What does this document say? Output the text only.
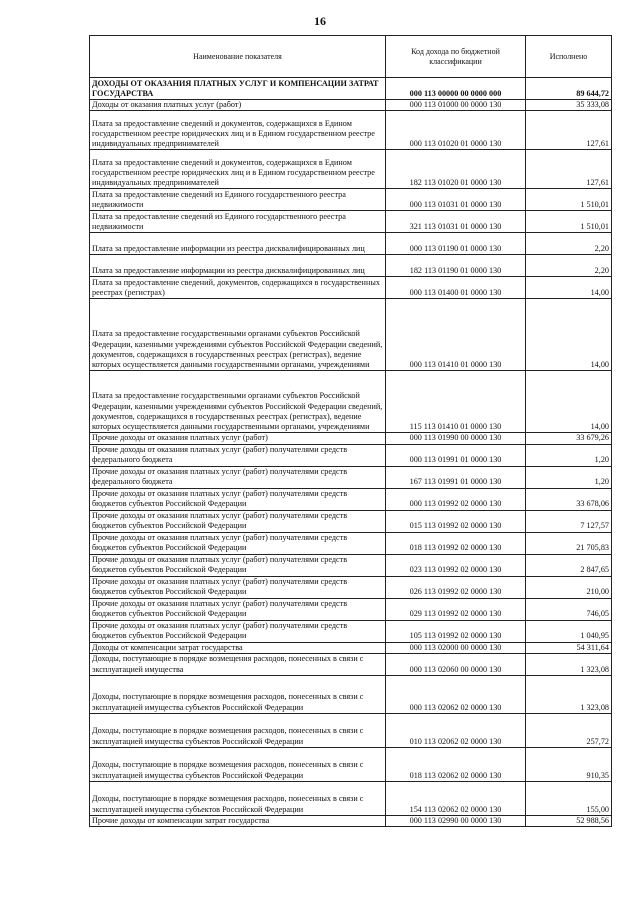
16
Наименование показателя	Код дохода по бюджетной классификации	Исполнено
ДОХОДЫ ОТ ОКАЗАНИЯ ПЛАТНЫХ УСЛУГ И КОМПЕНСАЦИИ ЗАТРАТ ГОСУДАРСТВА	000 113 00000 00 0000 000	89 644,72
Доходы от оказания платных услуг (работ)	000 113 01000 00 0000 130	35 333,08
Плата за предоставление сведений и документов, содержащихся в Едином государственном реестре юридических лиц и в Едином государственном реестре индивидуальных предпринимателей	000 113 01020 01 0000 130	127,61
Плата за предоставление сведений и документов, содержащихся в Едином государственном реестре юридических лиц и в Едином государственном реестре индивидуальных предпринимателей	182 113 01020 01 0000 130	127,61
Плата за предоставление сведений из Единого государственного реестра недвижимости	000 113 01031 01 0000 130	1 510,01
Плата за предоставление сведений из Единого государственного реестра недвижимости	321 113 01031 01 0000 130	1 510,01
Плата за предоставление информации из реестра дисквалифицированных лиц	000 113 01190 01 0000 130	2,20
Плата за предоставление информации из реестра дисквалифицированных лиц	182 113 01190 01 0000 130	2,20
Плата за предоставление сведений, документов, содержащихся в государственных реестрах (регистрах)	000 113 01400 01 0000 130	14,00
Плата за предоставление государственными органами субъектов Российской Федерации, казенными учреждениями субъектов Российской Федерации сведений, документов, содержащихся в государственных реестрах (регистрах), ведение которых осуществляется данными государственными органами, учреждениями	000 113 01410 01 0000 130	14,00
Плата за предоставление государственными органами субъектов Российской Федерации, казенными учреждениями субъектов Российской Федерации сведений, документов, содержащихся в государственных реестрах (регистрах), ведение которых осуществляется данными государственными органами, учреждениями	115 113 01410 01 0000 130	14,00
Прочие доходы от оказания платных услуг (работ)	000 113 01990 00 0000 130	33 679,26
Прочие доходы от оказания платных услуг (работ) получателями средств федерального бюджета	000 113 01991 01 0000 130	1,20
Прочие доходы от оказания платных услуг (работ) получателями средств федерального бюджета	167 113 01991 01 0000 130	1,20
Прочие доходы от оказания платных услуг (работ) получателями средств бюджетов субъектов Российской Федерации	000 113 01992 02 0000 130	33 678,06
Прочие доходы от оказания платных услуг (работ) получателями средств бюджетов субъектов Российской Федерации	015 113 01992 02 0000 130	7 127,57
Прочие доходы от оказания платных услуг (работ) получателями средств бюджетов субъектов Российской Федерации	018 113 01992 02 0000 130	21 705,83
Прочие доходы от оказания платных услуг (работ) получателями средств бюджетов субъектов Российской Федерации	023 113 01992 02 0000 130	2 847,65
Прочие доходы от оказания платных услуг (работ) получателями средств бюджетов субъектов Российской Федерации	026 113 01992 02 0000 130	210,00
Прочие доходы от оказания платных услуг (работ) получателями средств бюджетов субъектов Российской Федерации	029 113 01992 02 0000 130	746,05
Прочие доходы от оказания платных услуг (работ) получателями средств бюджетов субъектов Российской Федерации	105 113 01992 02 0000 130	1 040,95
Доходы от компенсации затрат государства	000 113 02000 00 0000 130	54 311,64
Доходы, поступающие в порядке возмещения расходов, понесенных в связи с эксплуатацией имущества	000 113 02060 00 0000 130	1 323,08
Доходы, поступающие в порядке возмещения расходов, понесенных в связи с эксплуатацией имущества субъектов Российской Федерации	000 113 02062 02 0000 130	1 323,08
Доходы, поступающие в порядке возмещения расходов, понесенных в связи с эксплуатацией имущества субъектов Российской Федерации	010 113 02062 02 0000 130	257,72
Доходы, поступающие в порядке возмещения расходов, понесенных в связи с эксплуатацией имущества субъектов Российской Федерации	018 113 02062 02 0000 130	910,35
Доходы, поступающие в порядке возмещения расходов, понесенных в связи с эксплуатацией имущества субъектов Российской Федерации	154 113 02062 02 0000 130	155,00
Прочие доходы от компенсации затрат государства	000 113 02990 00 0000 130	52 988,56
